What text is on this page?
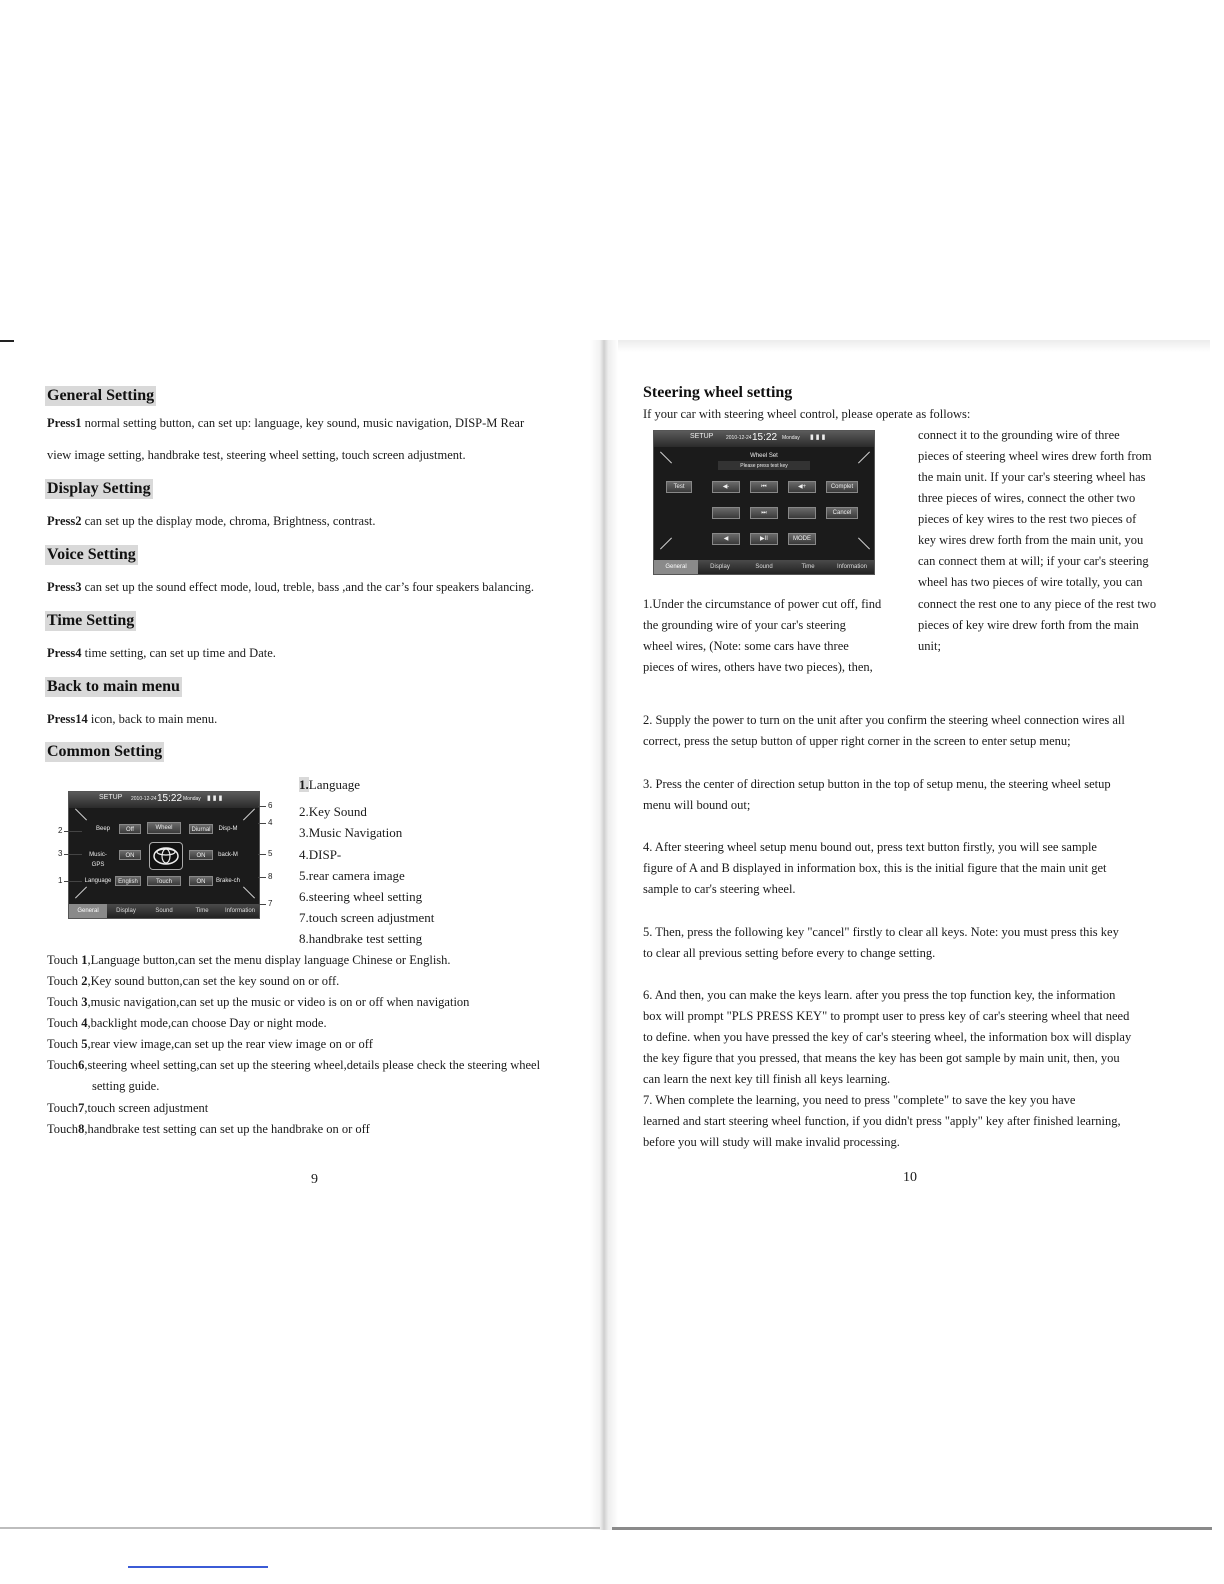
General Setting
Press1 normal setting button, can set up: language, key sound, music navigation, DISP-M Rear
view image setting, handbrake test, steering wheel setting, touch screen adjustment.
Display Setting
Press2 can set up the display mode, chroma, Brightness, contrast.
Voice Setting
Press3 can set up the sound effect mode, loud, treble, bass ,and the car’s four speakers balancing.
Time Setting
Press4 time setting, can set up time and Date.
Back to main menu
Press14 icon, back to main menu.
Common Setting
SETUP 2010-12-24 15:22 Monday ▮ ▮ ▮
Beep	Off	Wheel	Diurnal	Disp-M
Music-GPS
ON	ON	back-M
Language	English	Touch	ON	Brake-ch
General	Display	Sound	Time	Information
2
3
1
6
4
5
8
7
1.Language
2.Key Sound
3.Music Navigation
4.DISP-
5.rear camera image
6.steering wheel setting
7.touch screen adjustment
8.handbrake test setting
Touch 1,Language button,can set the menu display language Chinese or English.
Touch 2,Key sound button,can set the key sound on or off.
Touch 3,music navigation,can set up the music or video is on or off when navigation
Touch 4,backlight mode,can choose Day or night mode.
Touch 5,rear view image,can set up the rear view image on or off
Touch6,steering wheel setting,can set up the steering wheel,details please check the steering wheel
setting guide.
Touch7,touch screen adjustment
Touch8,handbrake test setting can set up the handbrake on or off
9
Steering wheel setting
If your car with steering wheel control, please operate as follows:
SETUP	2010-12-24 15:22 Monday ▮ ▮ ▮
Wheel Set
Please press test key
Test	Complet
Cancel
◀-	⏮	◀+
⏭
◀	▶II	MODE
General	Display	Sound	Time	Information
connect it to the grounding wire of three
pieces of steering wheel wires drew forth from
the main unit. If your car's steering wheel has
three pieces of wires, connect the other two
pieces of key wires to the rest two pieces of
key wires drew forth from the main unit, you
can connect them at will; if your car's steering
wheel has two pieces of wire totally, you can
connect the rest one to any piece of the rest two
pieces of key wire drew forth from the main
unit;
1.Under the circumstance of power cut off, find
the grounding wire of your car's steering
wheel wires, (Note: some cars have three
pieces of wires, others have two pieces), then,
2. Supply the power to turn on the unit after you confirm the steering wheel connection wires all
correct, press the setup button of upper right corner in the screen to enter setup menu;
3. Press the center of direction setup button in the top of setup menu, the steering wheel setup
menu will bound out;
4. After steering wheel setup menu bound out, press text button firstly, you will see sample
figure of A and B displayed in information box, this is the initial figure that the main unit get
sample to car's steering wheel.
5. Then, press the following key "cancel" firstly to clear all keys. Note: you must press this key
to clear all previous setting before every to change setting.
6. And then, you can make the keys learn. after you press the top function key, the information
box will prompt "PLS PRESS KEY" to prompt user to press key of car's steering wheel that need
to define. when you have pressed the key of car's steering wheel, the information box will display
the key figure that you pressed, that means the key has been got sample by main unit, then, you
can learn the next key till finish all keys learning.
7. When complete the learning, you need to press "complete" to save the key you have
learned and start steering wheel function, if you didn't press "apply" key after finished learning,
before you will study will make invalid processing.
10
